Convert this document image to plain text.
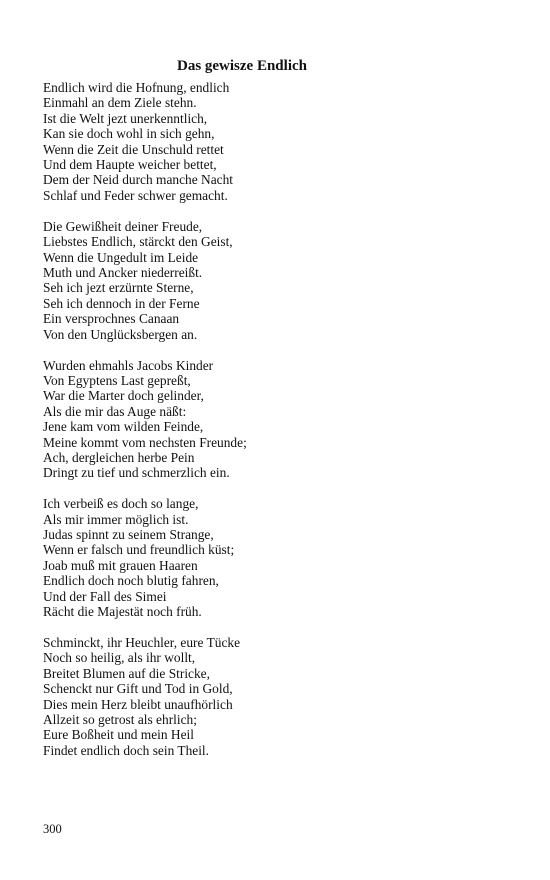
Das gewisze Endlich
Endlich wird die Hofnung, endlich
Einmahl an dem Ziele stehn.
Ist die Welt jezt unerkenntlich,
Kan sie doch wohl in sich gehn,
Wenn die Zeit die Unschuld rettet
Und dem Haupte weicher bettet,
Dem der Neid durch manche Nacht
Schlaf und Feder schwer gemacht.
Die Gewißheit deiner Freude,
Liebstes Endlich, stärckt den Geist,
Wenn die Ungedult im Leide
Muth und Ancker niederreißt.
Seh ich jezt erzürnte Sterne,
Seh ich dennoch in der Ferne
Ein versprochnes Canaan
Von den Unglücksbergen an.
Wurden ehmahls Jacobs Kinder
Von Egyptens Last gepreßt,
War die Marter doch gelinder,
Als die mir das Auge näßt:
Jene kam vom wilden Feinde,
Meine kommt vom nechsten Freunde;
Ach, dergleichen herbe Pein
Dringt zu tief und schmerzlich ein.
Ich verbeiß es doch so lange,
Als mir immer möglich ist.
Judas spinnt zu seinem Strange,
Wenn er falsch und freundlich küst;
Joab muß mit grauen Haaren
Endlich doch noch blutig fahren,
Und der Fall des Simei
Rächt die Majestät noch früh.
Schminckt, ihr Heuchler, eure Tücke
Noch so heilig, als ihr wollt,
Breitet Blumen auf die Stricke,
Schenckt nur Gift und Tod in Gold,
Dies mein Herz bleibt unaufhörlich
Allzeit so getrost als ehrlich;
Eure Boßheit und mein Heil
Findet endlich doch sein Theil.
300
